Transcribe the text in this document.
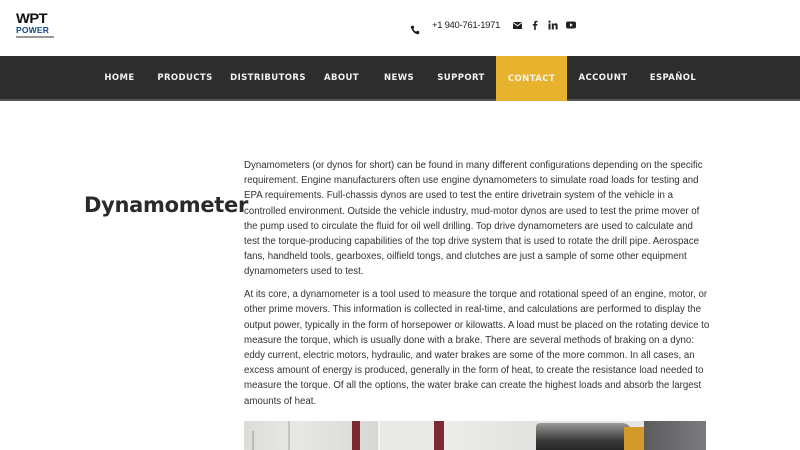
WPT
POWER	+1 940-761-1971
HOME	PRODUCTS	DISTRIBUTORS	ABOUT	NEWS	SUPPORT	CONTACT	ACCOUNT	ESPAÑOL
Dynamometer

Dynamometers (or dynos for short) can be found in many different configurations depending on the specific requirement. Engine manufacturers often use engine dynamometers to simulate road loads for testing and EPA requirements. Full-chassis dynos are used to test the entire drivetrain system of the vehicle in a controlled environment. Outside the vehicle industry, mud-motor dynos are used to test the prime mover of the pump used to circulate the fluid for oil well drilling. Top drive dynamometers are used to calculate and test the torque-producing capabilities of the top drive system that is used to rotate the drill pipe. Aerospace fans, handheld tools, gearboxes, oilfield tongs, and clutches are just a sample of some other equipment dynamometers used to test.

At its core, a dynamometer is a tool used to measure the torque and rotational speed of an engine, motor, or other prime movers. This information is collected in real-time, and calculations are performed to display the output power, typically in the form of horsepower or kilowatts. A load must be placed on the rotating device to measure the torque, which is usually done with a brake. There are several methods of braking on a dyno: eddy current, electric motors, hydraulic, and water brakes are some of the more common. In all cases, an excess amount of energy is produced, generally in the form of heat, to create the resistance load needed to measure the torque. Of all the options, the water brake can create the highest loads and absorb the largest amounts of heat.
